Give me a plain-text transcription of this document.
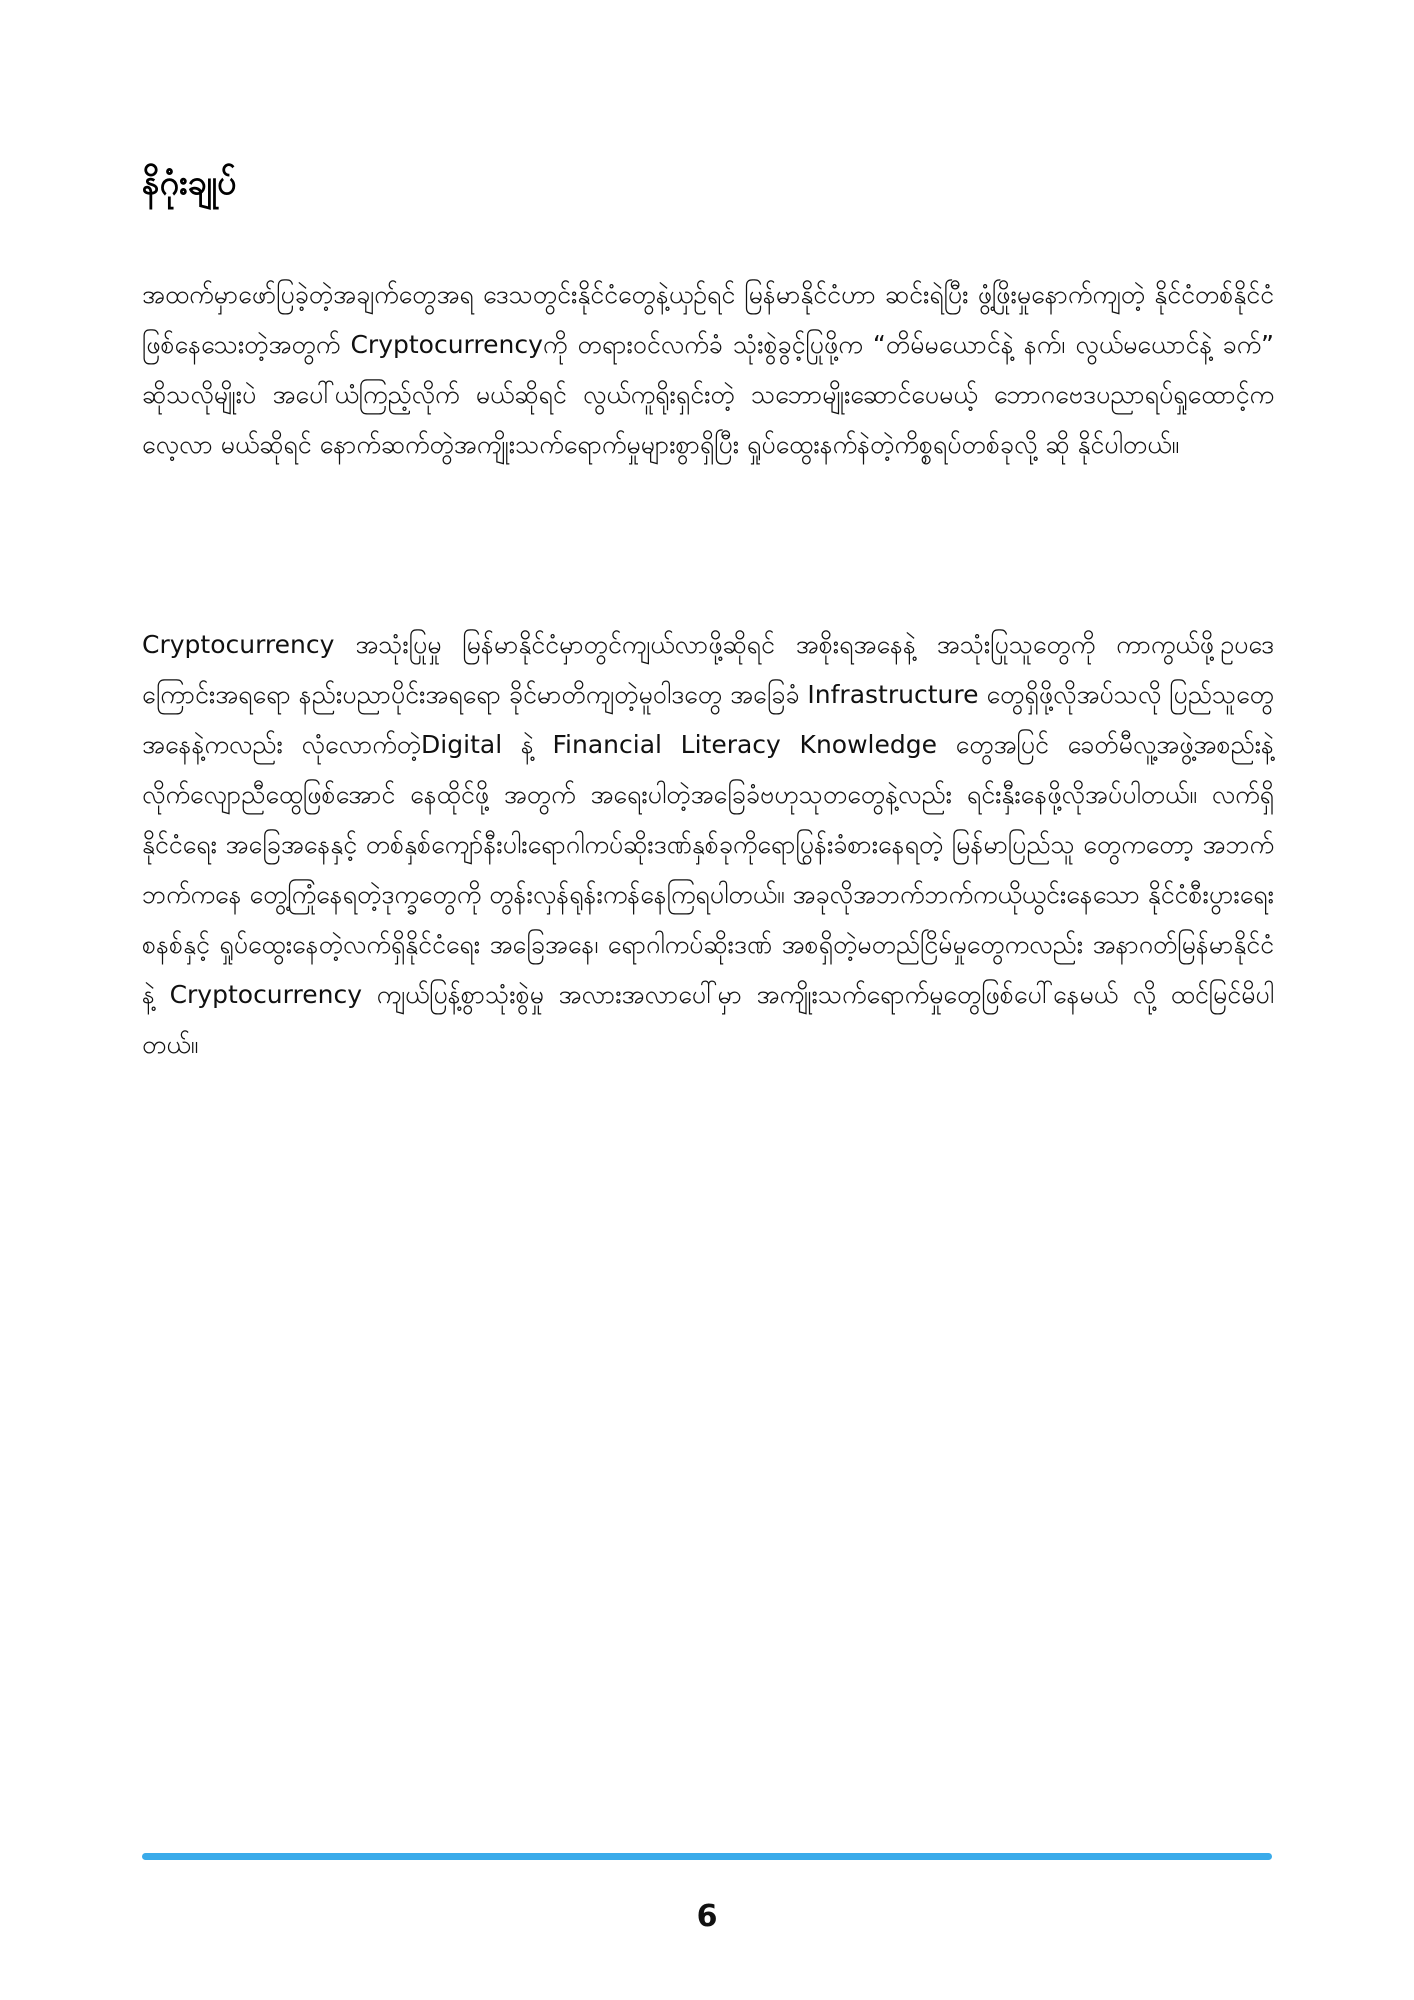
နိဂုံးချုပ်

အထက်မှာဖော်ပြခဲ့တဲ့အချက်တွေအရ ဒေသတွင်းနိုင်ငံတွေနဲ့ယှဉ်ရင် မြန်မာနိုင်ငံဟာ ဆင်းရဲပြီး ဖွံ့ဖြိုးမှုနောက်ကျတဲ့ နိုင်ငံတစ်နိုင်ငံဖြစ်နေသေးတဲ့အတွက် Cryptocurrencyကို တရားဝင်လက်ခံ သုံးစွဲခွင့်ပြုဖို့က “တိမ်မယောင်နဲ့ နက်၊ လွယ်မယောင်နဲ့ ခက်” ဆိုသလိုမျိုးပဲ အပေါ်ယံကြည့်လိုက် မယ်ဆိုရင် လွယ်ကူရိုးရှင်းတဲ့ သဘောမျိုးဆောင်ပေမယ့် ဘောဂဗေဒပညာရပ်ရှုထောင့်က လေ့လာ မယ်ဆိုရင် နောက်ဆက်တွဲအကျိုးသက်ရောက်မှုများစွာရှိပြီး ရှုပ်ထွေးနက်နဲတဲ့ကိစ္စရပ်တစ်ခုလို့ ဆို နိုင်ပါတယ်။

Cryptocurrency အသုံးပြုမှု မြန်မာနိုင်ငံမှာတွင်ကျယ်လာဖို့ဆိုရင် အစိုးရအနေနဲ့ အသုံးပြုသူတွေကို ကာကွယ်ဖို့ဥပဒေကြောင်းအရရော နည်းပညာပိုင်းအရရော ခိုင်မာတိကျတဲ့မူဝါဒတွေ အခြေခံ Infrastructure တွေရှိဖို့လိုအပ်သလို ပြည်သူတွေအနေနဲ့ကလည်း လုံလောက်တဲ့Digital နဲ့ Financial Literacy Knowledge တွေအပြင် ခေတ်မီလူ့အဖွဲ့အစည်းနဲ့လိုက်လျောညီထွေဖြစ်အောင် နေထိုင်ဖို့ အတွက် အရေးပါတဲ့အခြေခံဗဟုသုတတွေနဲ့လည်း ရင်းနှီးနေဖို့လိုအပ်ပါတယ်။ လက်ရှိနိုင်ငံရေး အခြေအနေနှင့် တစ်နှစ်ကျော်နီးပါးရောဂါကပ်ဆိုးဒဏ်နှစ်ခုကိုရောပြွန်းခံစားနေရတဲ့ မြန်မာပြည်သူ တွေကတော့ အဘက်ဘက်ကနေ တွေ့ကြုံနေရတဲ့ဒုက္ခတွေကို တွန်းလှန်ရုန်းကန်နေကြရပါတယ်။ အခုလိုအဘက်ဘက်ကယိုယွင်းနေသော နိုင်ငံစီးပွားရေးစနစ်နှင့် ရှုပ်ထွေးနေတဲ့လက်ရှိနိုင်ငံရေး အခြေအနေ၊ ရောဂါကပ်ဆိုးဒဏ် အစရှိတဲ့မတည်ငြိမ်မှုတွေကလည်း အနာဂတ်မြန်မာနိုင်ငံနဲ့ Cryptocurrency ကျယ်ပြန့်စွာသုံးစွဲမှု အလားအလာပေါ်မှာ အကျိုးသက်ရောက်မှုတွေဖြစ်ပေါ်နေမယ် လို့ ထင်မြင်မိပါတယ်။

6
